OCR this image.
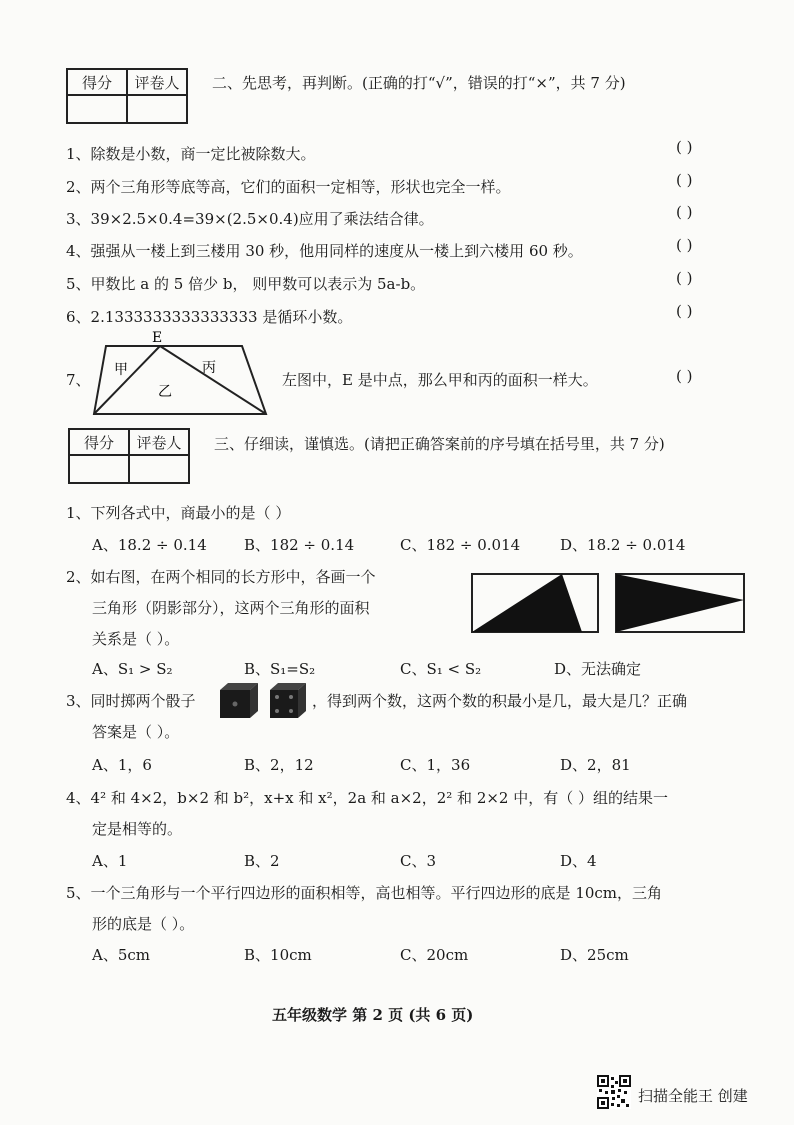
得分	评卷人
	二、先思考，再判断。(正确的打“√”，错误的打“×”，共 7 分)
1、除数是小数，商一定比被除数大。	( )
2、两个三角形等底等高，它们的面积一定相等，形状也完全一样。	( )
3、39×2.5×0.4=39×(2.5×0.4)应用了乘法结合律。	( )
4、强强从一楼上到三楼用 30 秒，他用同样的速度从一楼上到六楼用 60 秒。	( )
5、甲数比 a 的 5 倍少 b， 则甲数可以表示为 5a-b。	( )
6、2.1333333333333333 是循环小数。	( )
7、
E
甲	丙
乙
左图中，E 是中点，那么甲和丙的面积一样大。	( )
得分	评卷人
	三、仔细读，谨慎选。(请把正确答案前的序号填在括号里，共 7 分)
1、下列各式中，商最小的是（ ）
A、18.2 ÷ 0.14 B、182 ÷ 0.14	C、182 ÷ 0.014	D、18.2 ÷ 0.014
2、如右图，在两个相同的长方形中，各画一个
三角形（阴影部分），这两个三角形的面积
关系是（ ）。
A、S₁ > S₂	B、S₁=S₂	C、S₁ < S₂	D、无法确定
3、同时掷两个骰子	，得到两个数，这两个数的积最小是几，最大是几？正确
答案是（ ）。
A、1，6	B、2，12	C、1，36	D、2，81
4、4² 和 4×2，b×2 和 b²，x+x 和 x²，2a 和 a×2，2² 和 2×2 中，有（ ）组的结果一
定是相等的。
A、1	B、2	C、3	D、4
5、一个三角形与一个平行四边形的面积相等，高也相等。平行四边形的底是 10cm，三角
形的底是（ ）。
A、5cm	B、10cm	C、20cm	D、25cm
五年级数学 第 2 页 (共 6 页)
扫描全能王 创建
